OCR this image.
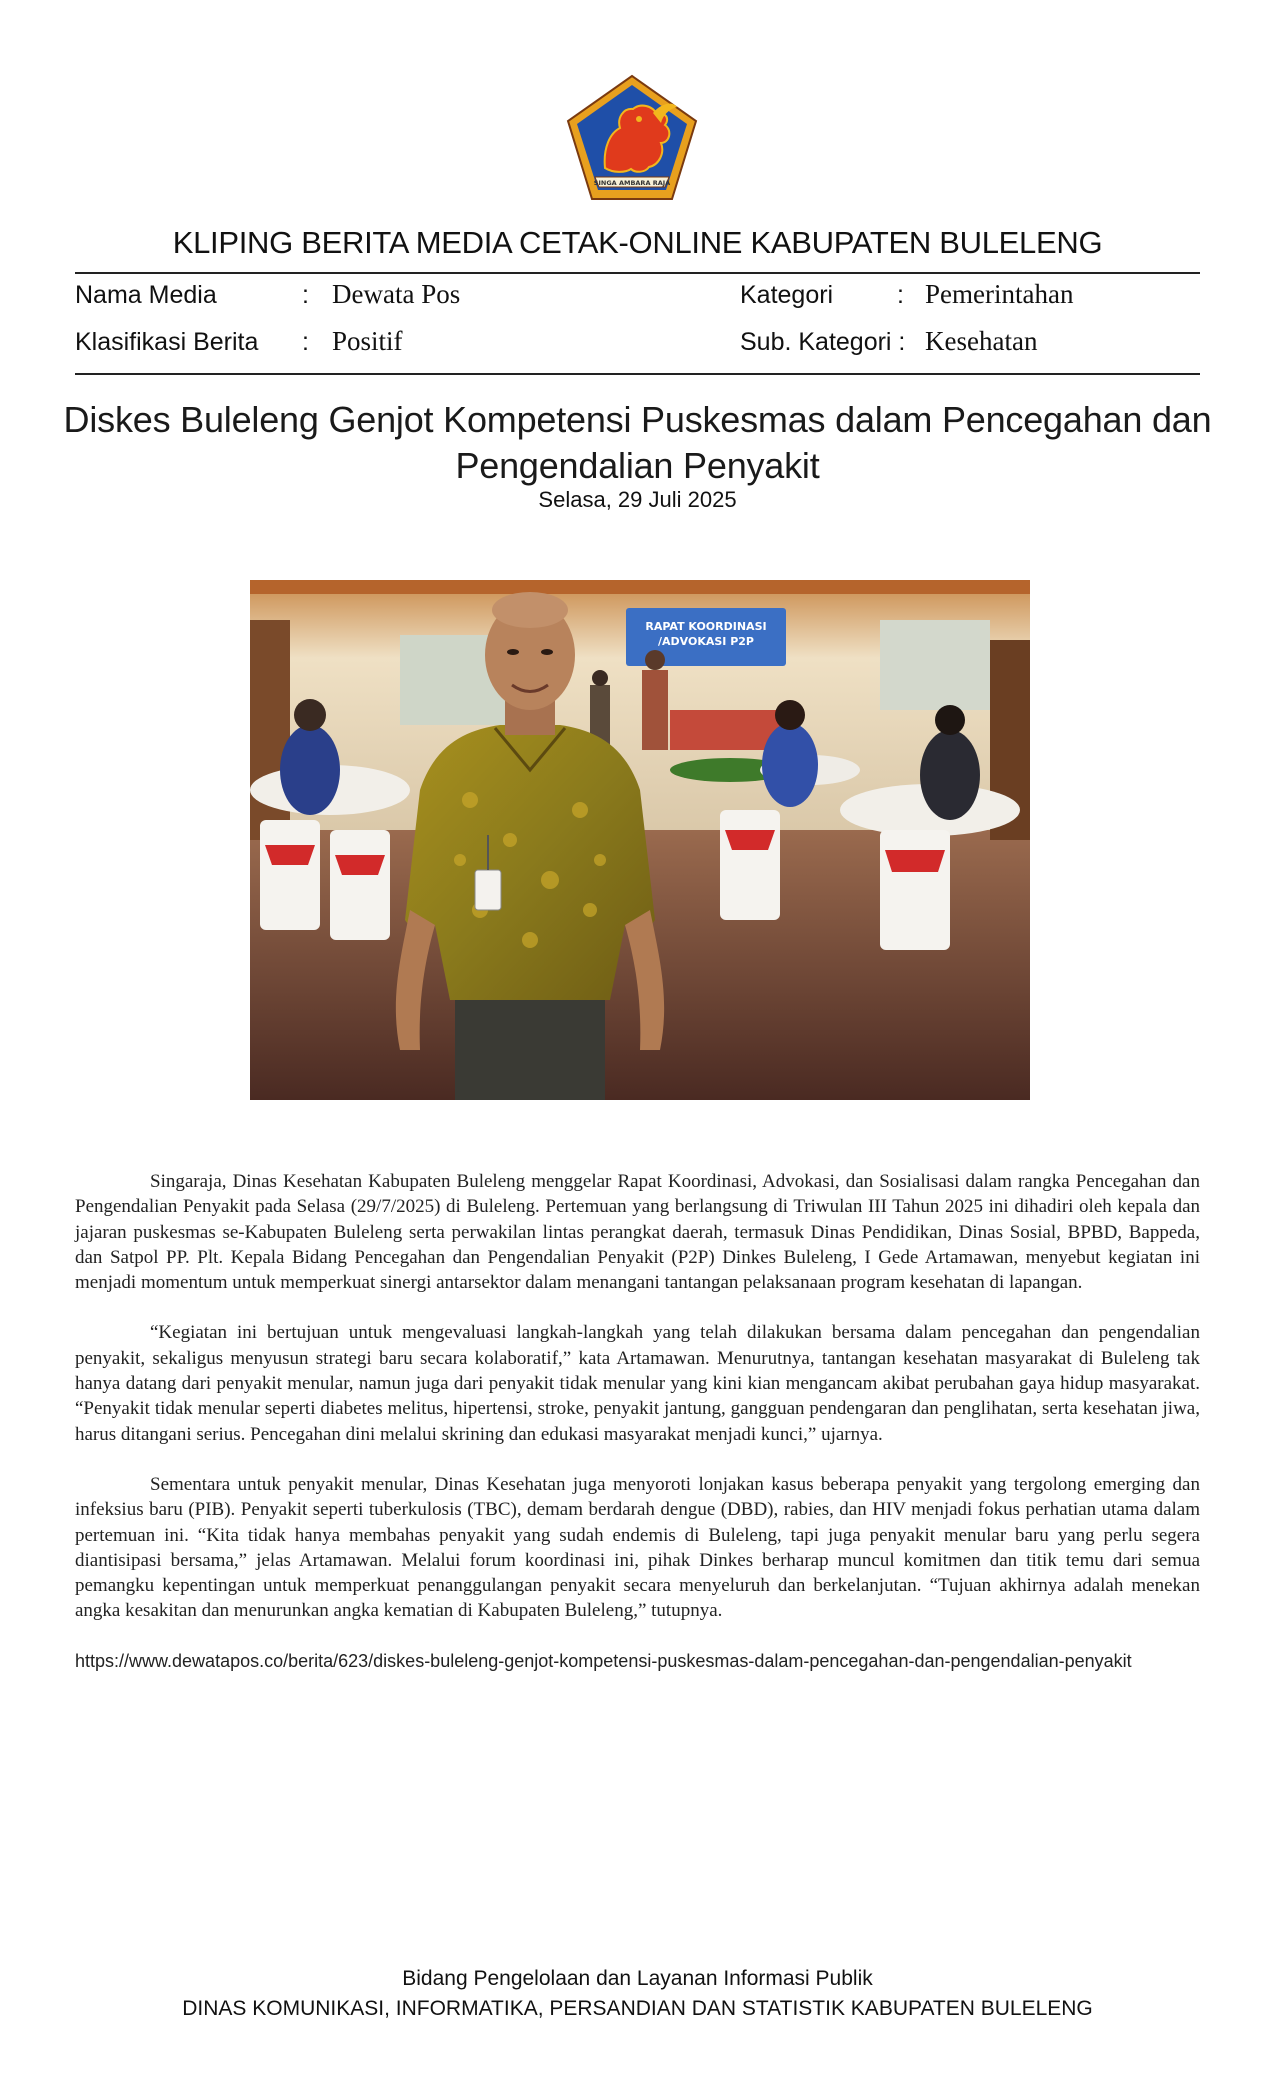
SINGA AMBARA RAJA
KLIPING BERITA MEDIA CETAK-ONLINE KABUPATEN BULELENG
Nama Media	: Dewata Pos	Kategori	: Pemerintahan
Klasifikasi Berita : Positif	Sub. Kategori : Kesehatan
Diskes Buleleng Genjot Kompetensi Puskesmas dalam Pencegahan dan Pengendalian Penyakit
Selasa, 29 Juli 2025
RAPAT KOORDINASI
/ADVOKASI P2P

Singaraja, Dinas Kesehatan Kabupaten Buleleng menggelar Rapat Koordinasi, Advokasi, dan Sosialisasi dalam rangka Pencegahan dan Pengendalian Penyakit pada Selasa (29/7/2025) di Buleleng. Pertemuan yang berlangsung di Triwulan III Tahun 2025 ini dihadiri oleh kepala dan jajaran puskesmas se-Kabupaten Buleleng serta perwakilan lintas perangkat daerah, termasuk Dinas Pendidikan, Dinas Sosial, BPBD, Bappeda, dan Satpol PP. Plt. Kepala Bidang Pencegahan dan Pengendalian Penyakit (P2P) Dinkes Buleleng, I Gede Artamawan, menyebut kegiatan ini menjadi momentum untuk memperkuat sinergi antarsektor dalam menangani tantangan pelaksanaan program kesehatan di lapangan.

“Kegiatan ini bertujuan untuk mengevaluasi langkah-langkah yang telah dilakukan bersama dalam pencegahan dan pengendalian penyakit, sekaligus menyusun strategi baru secara kolaboratif,” kata Artamawan. Menurutnya, tantangan kesehatan masyarakat di Buleleng tak hanya datang dari penyakit menular, namun juga dari penyakit tidak menular yang kini kian mengancam akibat perubahan gaya hidup masyarakat. “Penyakit tidak menular seperti diabetes melitus, hipertensi, stroke, penyakit jantung, gangguan pendengaran dan penglihatan, serta kesehatan jiwa, harus ditangani serius. Pencegahan dini melalui skrining dan edukasi masyarakat menjadi kunci,” ujarnya.

Sementara untuk penyakit menular, Dinas Kesehatan juga menyoroti lonjakan kasus beberapa penyakit yang tergolong emerging dan infeksius baru (PIB). Penyakit seperti tuberkulosis (TBC), demam berdarah dengue (DBD), rabies, dan HIV menjadi fokus perhatian utama dalam pertemuan ini. “Kita tidak hanya membahas penyakit yang sudah endemis di Buleleng, tapi juga penyakit menular baru yang perlu segera diantisipasi bersama,” jelas Artamawan. Melalui forum koordinasi ini, pihak Dinkes berharap muncul komitmen dan titik temu dari semua pemangku kepentingan untuk memperkuat penanggulangan penyakit secara menyeluruh dan berkelanjutan. “Tujuan akhirnya adalah menekan angka kesakitan dan menurunkan angka kematian di Kabupaten Buleleng,” tutupnya.

https://www.dewatapos.co/berita/623/diskes-buleleng-genjot-kompetensi-puskesmas-dalam-pencegahan-dan-pengendalian-penyakit

Bidang Pengelolaan dan Layanan Informasi Publik
DINAS KOMUNIKASI, INFORMATIKA, PERSANDIAN DAN STATISTIK KABUPATEN BULELENG
